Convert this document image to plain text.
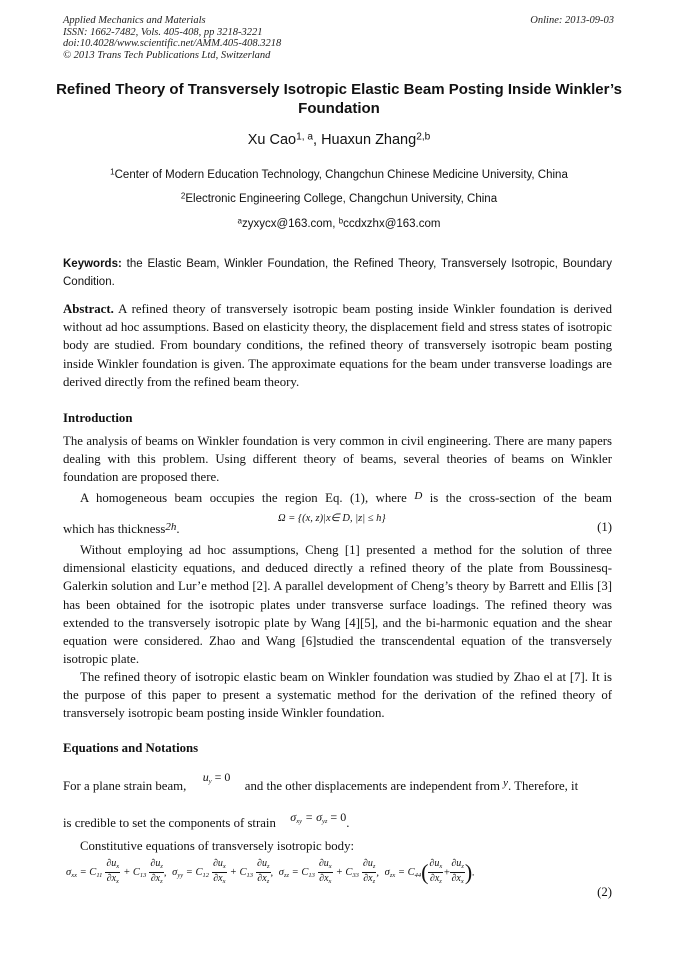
Applied Mechanics and Materials
ISSN: 1662-7482, Vols. 405-408, pp 3218-3221
doi:10.4028/www.scientific.net/AMM.405-408.3218
© 2013 Trans Tech Publications Ltd, Switzerland
Online: 2013-09-03
Refined Theory of Transversely Isotropic Elastic Beam Posting Inside Winkler’s Foundation
Xu Cao$^{1, a}$, Huaxun Zhang$^{2,b}$
$^1$Center of Modern Education Technology, Changchun Chinese Medicine University, China
$^2$Electronic Engineering College, Changchun University, China
$^a$zyxycx@163.com, $^b$ccdxzhx@163.com
Keywords: the Elastic Beam, Winkler Foundation, the Refined Theory, Transversely Isotropic, Boundary Condition.
Abstract. A refined theory of transversely isotropic beam posting inside Winkler foundation is derived without ad hoc assumptions. Based on elasticity theory, the displacement field and stress states of isotropic body are studied. From boundary conditions, the refined theory of transversely isotropic beam posting inside Winkler foundation is given. The approximate equations for the beam under transverse loadings are derived directly from the refined beam theory.
Introduction
The analysis of beams on Winkler foundation is very common in civil engineering. There are many papers dealing with this problem. Using different theory of beams, several theories of beams on Winkler foundation are proposed there.
A homogeneous beam occupies the region Eq. (1), where D is the cross-section of the beam
which has thickness2h.
Ω = {(x, z)|x∈ D, |z| ≤ h}
(1)
Without employing ad hoc assumptions, Cheng [1] presented a method for the solution of three dimensional elasticity equations, and deduced directly a refined theory of the plate from Boussinesq-Galerkin solution and Lur’e method [2]. A parallel development of Cheng’s theory by Barrett and Ellis [3] has been obtained for the isotropic plates under transverse surface loadings. The refined theory was extended to the transversely isotropic plate by Wang [4][5], and the bi-harmonic equation and the shear equation were considered. Zhao and Wang [6]studied the transcendental equation of the transversely isotropic plate.
The refined theory of isotropic elastic beam on Winkler foundation was studied by Zhao el at [7]. It is the purpose of this paper to present a systematic method for the derivation of the refined theory of transversely isotropic beam posting inside Winkler foundation.
Equations and Notations
For a plane strain beam,  $u_y = 0$  and the other displacements are independent from y. Therefore, it
is credible to set the components of strain $\sigma_{xy} = \sigma_{yz} = 0$.
Constitutive equations of transversely isotropic body:
$\sigma_{xx} = C_{11} \frac{\partial u_x}{\partial x_x} + C_{13} \frac{\partial u_z}{\partial x_z}$ ,  $\sigma_{yy} = C_{12} \frac{\partial u_x}{\partial x_x} + C_{13} \frac{\partial u_z}{\partial x_z}$ ,  $\sigma_{zz} = C_{13} \frac{\partial u_x}{\partial x_x} + C_{33} \frac{\partial u_z}{\partial x_z}$ ,  $\sigma_{zx} = C_{44}( \frac{\partial u_x}{\partial x_z} + \frac{\partial u_z}{\partial x_x}$ ).
(2)
